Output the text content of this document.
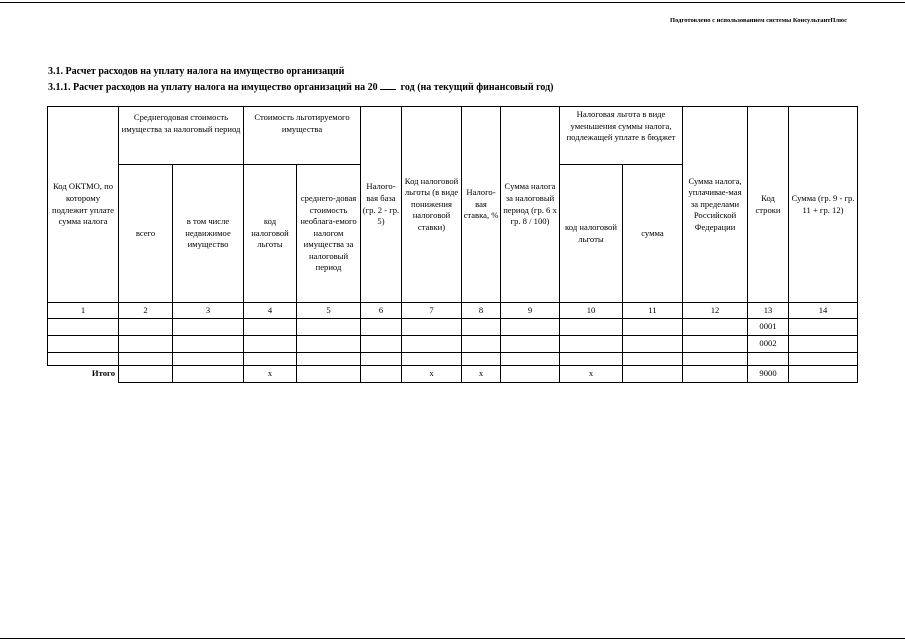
Подготовлено с использованием системы КонсультантПлюс
3.1. Расчет расходов на уплату налога на имущество организаций
3.1.1. Расчет расходов на уплату налога на имущество организаций на 20 год (на текущий финансовый год)
Код ОКТМО, по которому подлежит уплате сумма налога	Среднегодовая стоимость имущества за налоговый период		Стоимость льготируемого имущества		Налого-вая база (гр. 2 - гр. 5)	Код налоговой льготы (в виде понижения налоговой ставки)	Налого-вая ставка, %	Сумма налога за налоговый период (гр. 6 х гр. 8 / 100)	Налоговая льгота в виде уменьшения суммы налога, подлежащей уплате в бюджет		Сумма налога, уплачивае-мая за пределами Российской Федерации	Код строки	Сумма (гр. 9 - гр. 11 + гр. 12)
	всего	в том числе недвижимое имущество	код налоговой льготы	среднего-довая стоимость необлага-емого налогом имущества за налоговый период					код налоговой льготы	сумма			
1	2	3	4	5	6	7	8	9	10	11	12	13	14
												0001	
												0002	

Итого			х			х	х		х			9000	
